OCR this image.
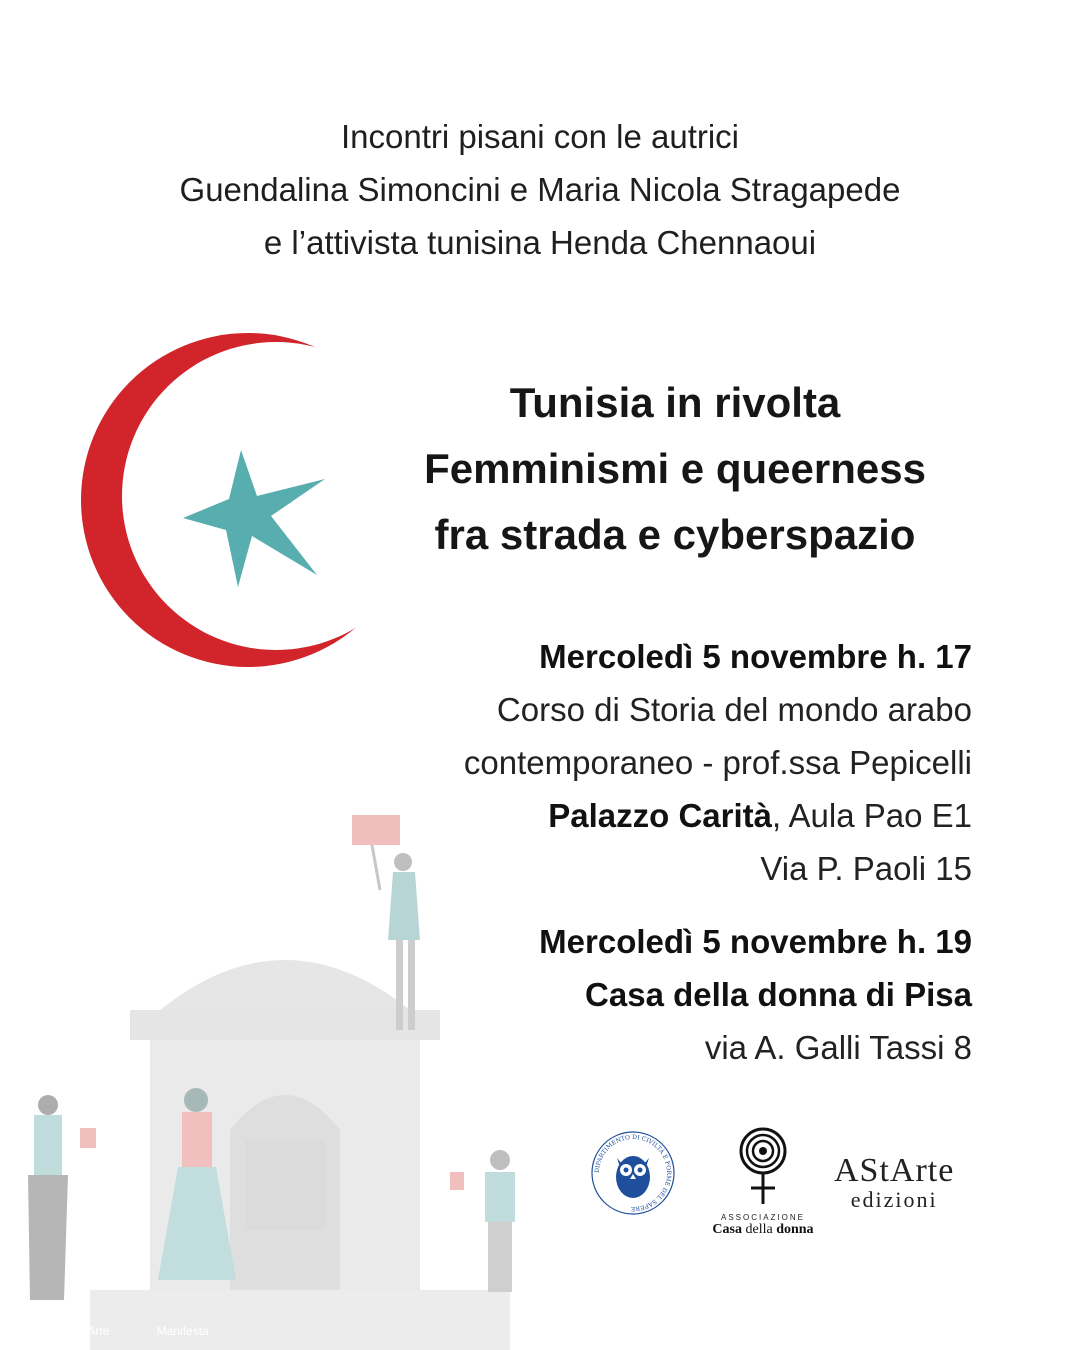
Incontri pisani con le autrici
Guendalina Simoncini e Maria Nicola Stragapede
e l’attivista tunisina Henda Chennaoui
Tunisia in rivolta
Femminismi e queerness
fra strada e cyberspazio
Mercoledì 5 novembre h. 17
Corso di Storia del mondo arabo
contemporaneo - prof.ssa Pepicelli
Palazzo Carità, Aula Pao E1
Via P. Paoli 15
Mercoledì 5 novembre h. 19
Casa della donna di Pisa
via A. Galli Tassi 8
DIPARTIMENTO DI CIVILTÀ E FORME DEL SAPERE
ASSOCIAZIONE
Casa della donna
AStArte
edizioni
AStArte	Manifesta
